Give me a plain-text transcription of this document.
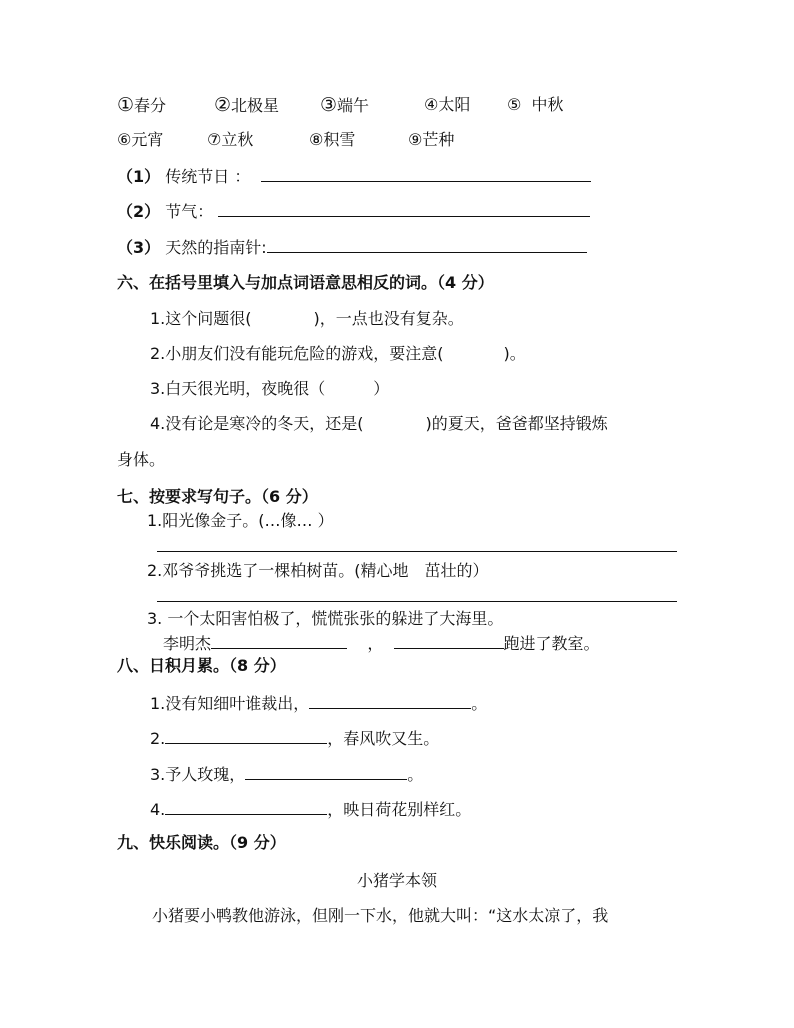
①春分	②北极星 ③端午	④太阳 ⑤ 中秋
⑥元宵	⑦立秋	⑧积雪	⑨芒种
（1） 传统节日 ：
（2） 节气：
（3） 天然的指南针:
六、在括号里填入与加点词语意思相反的词。（4 分）
1.这个问题很(	)，一点也没有复杂。
2.小朋友们没有能玩危险的游戏，要注意(	)。
3.白天很光明，夜晚很（	）
4.没有论是寒冷的冬天，还是(	)的夏天，爸爸都坚持锻炼
身体。
七、按要求写句子。（6 分）
1.阳光像金子。(…像… ）
2.邓爷爷挑选了一棵柏树苗。(精心地　茁壮的）
3. 一个太阳害怕极了，慌慌张张的躲进了大海里。
李明杰	，	跑进了教室。
八、日积月累。（8 分）
1.没有知细叶谁裁出，	。
2.	，春风吹又生。
3.予人玫瑰，	。
4.	，映日荷花别样红。
九、快乐阅读。（9 分）
小猪学本领
小猪要小鸭教他游泳，但刚一下水，他就大叫：“这水太凉了，我
